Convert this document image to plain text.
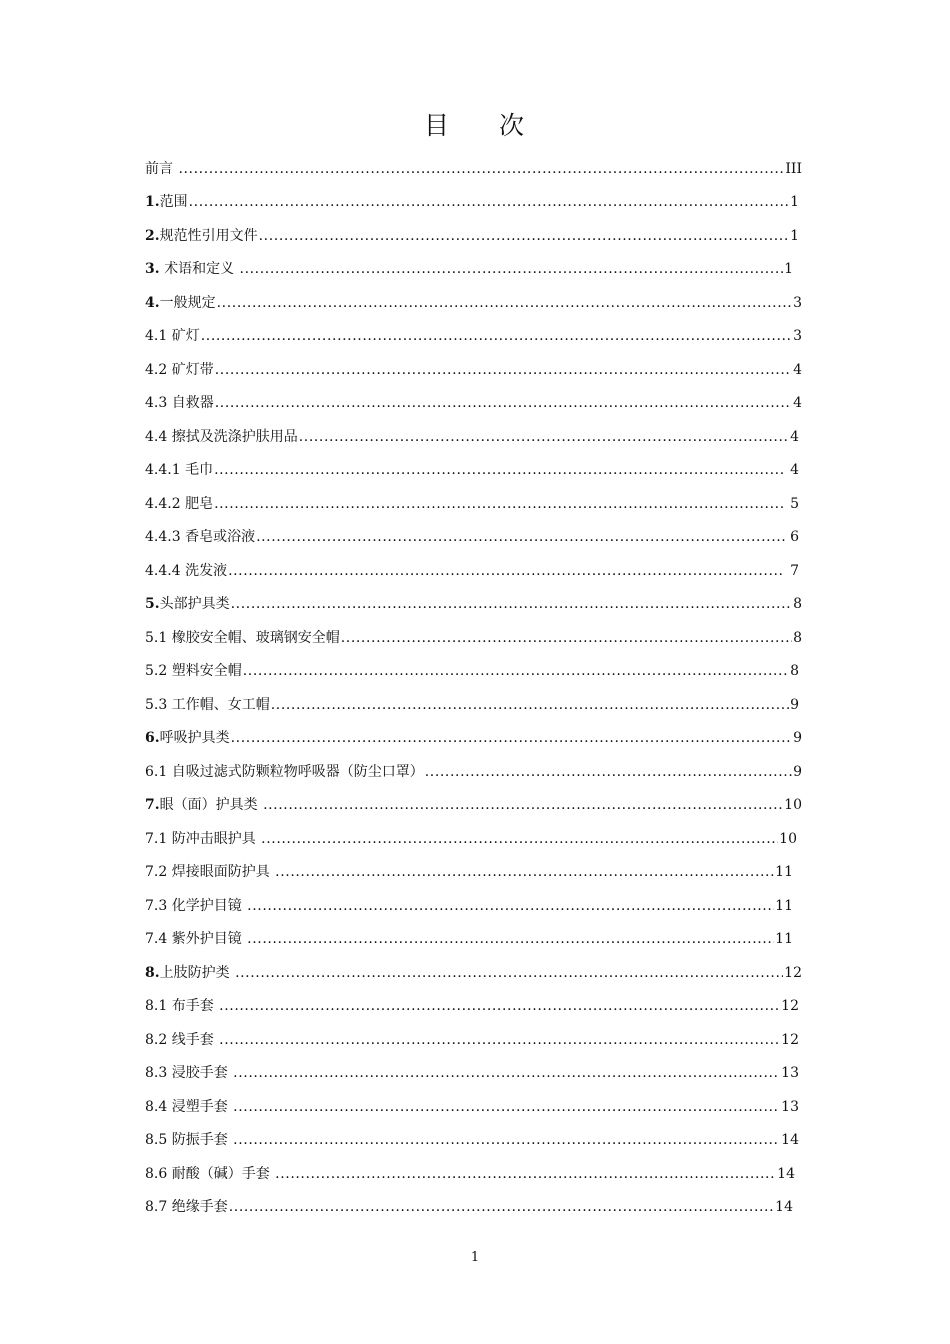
目 次
前言 .....	III
1.范围 .....	1
2.规范性引用文件 .....	1
3. 术语和定义 .....	1
4.一般规定 .....	3
4.1 矿灯 .....	3
4.2 矿灯带 .....	4
4.3 自救器 .....	4
4.4 擦拭及洗涤护肤用品 .....	4
4.4.1 毛巾 .....	4
4.4.2 肥皂 .....	5
4.4.3 香皂或浴液 .....	6
4.4.4 洗发液 .....	7
5.头部护具类 .....	8
5.1 橡胶安全帽、玻璃钢安全帽 .....	8
5.2 塑料安全帽 .....	8
5.3 工作帽、女工帽 .....	9
6.呼吸护具类 .....	9
6.1 自吸过滤式防颗粒物呼吸器（防尘口罩） .....	9
7.眼（面）护具类 .....	10
7.1 防冲击眼护具 .....	10
7.2 焊接眼面防护具 .....	11
7.3 化学护目镜 .....	11
7.4 紫外护目镜 .....	11
8.上肢防护类 .....	12
8.1 布手套 .....	12
8.2 线手套 .....	12
8.3 浸胶手套 .....	13
8.4 浸塑手套 .....	13
8.5 防振手套 .....	14
8.6 耐酸（碱）手套 .....	14
8.7 绝缘手套 .....	14
1
